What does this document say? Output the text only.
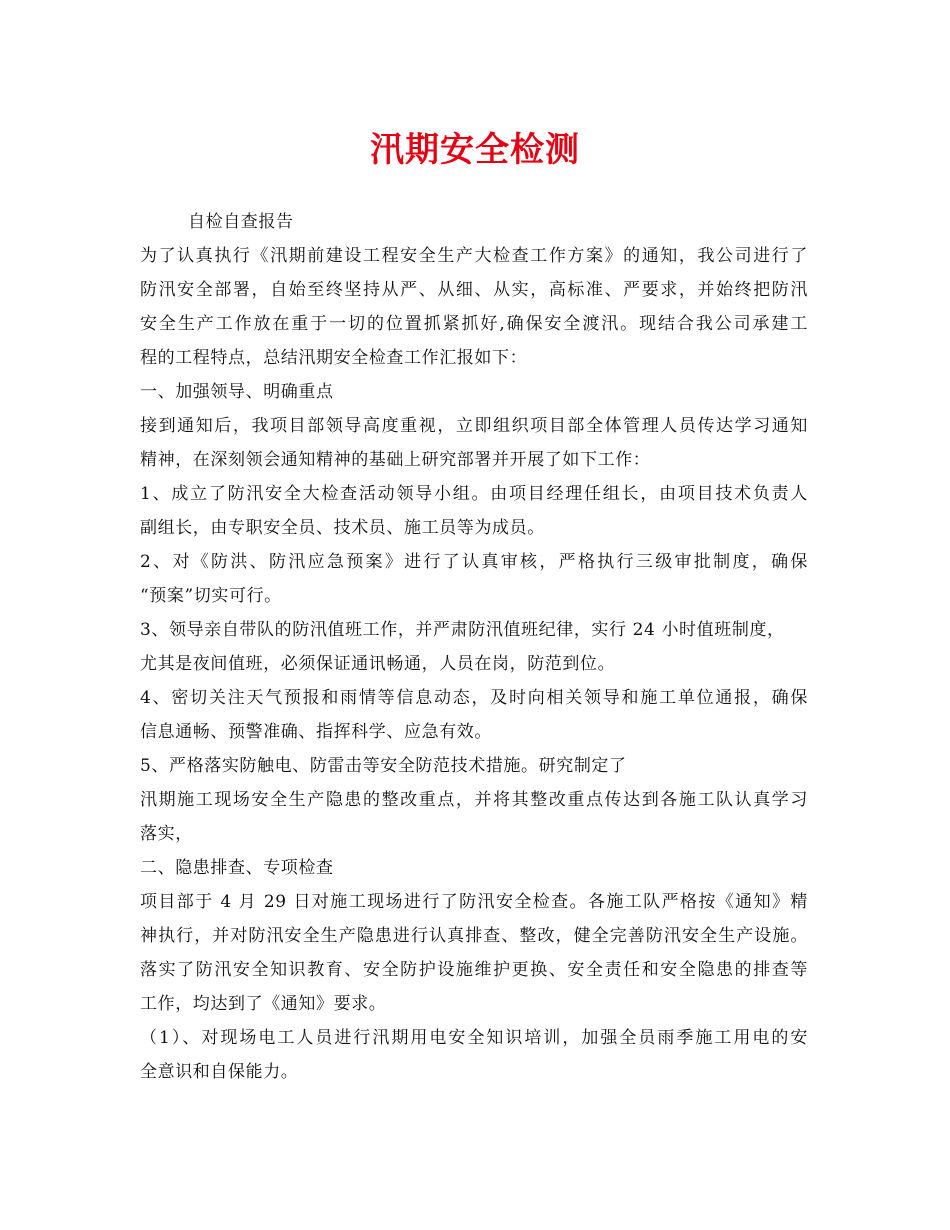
汛期安全检测
自检自查报告
为了认真执行《汛期前建设工程安全生产大检查工作方案》的通知，我公司进行了
防汛安全部署，自始至终坚持从严、从细、从实，高标准、严要求，并始终把防汛
安全生产工作放在重于一切的位置抓紧抓好,确保安全渡汛。现结合我公司承建工
程的工程特点，总结汛期安全检查工作汇报如下：
一、加强领导、明确重点
接到通知后，我项目部领导高度重视，立即组织项目部全体管理人员传达学习通知
精神，在深刻领会通知精神的基础上研究部署并开展了如下工作：
1、成立了防汛安全大检查活动领导小组。由项目经理任组长，由项目技术负责人
副组长，由专职安全员、技术员、施工员等为成员。
2、对《防洪、防汛应急预案》进行了认真审核，严格执行三级审批制度，确保
“预案”切实可行。
3、领导亲自带队的防汛值班工作，并严肃防汛值班纪律，实行 24 小时值班制度，
尤其是夜间值班，必须保证通讯畅通，人员在岗，防范到位。
4、密切关注天气预报和雨情等信息动态，及时向相关领导和施工单位通报，确保
信息通畅、预警准确、指挥科学、应急有效。
5、严格落实防触电、防雷击等安全防范技术措施。研究制定了
汛期施工现场安全生产隐患的整改重点，并将其整改重点传达到各施工队认真学习
落实，
二、隐患排查、专项检查
项目部于 4 月 29 日对施工现场进行了防汛安全检查。各施工队严格按《通知》精
神执行，并对防汛安全生产隐患进行认真排查、整改，健全完善防汛安全生产设施。
落实了防汛安全知识教育、安全防护设施维护更换、安全责任和安全隐患的排查等
工作，均达到了《通知》要求。
（1）、对现场电工人员进行汛期用电安全知识培训，加强全员雨季施工用电的安
全意识和自保能力。
